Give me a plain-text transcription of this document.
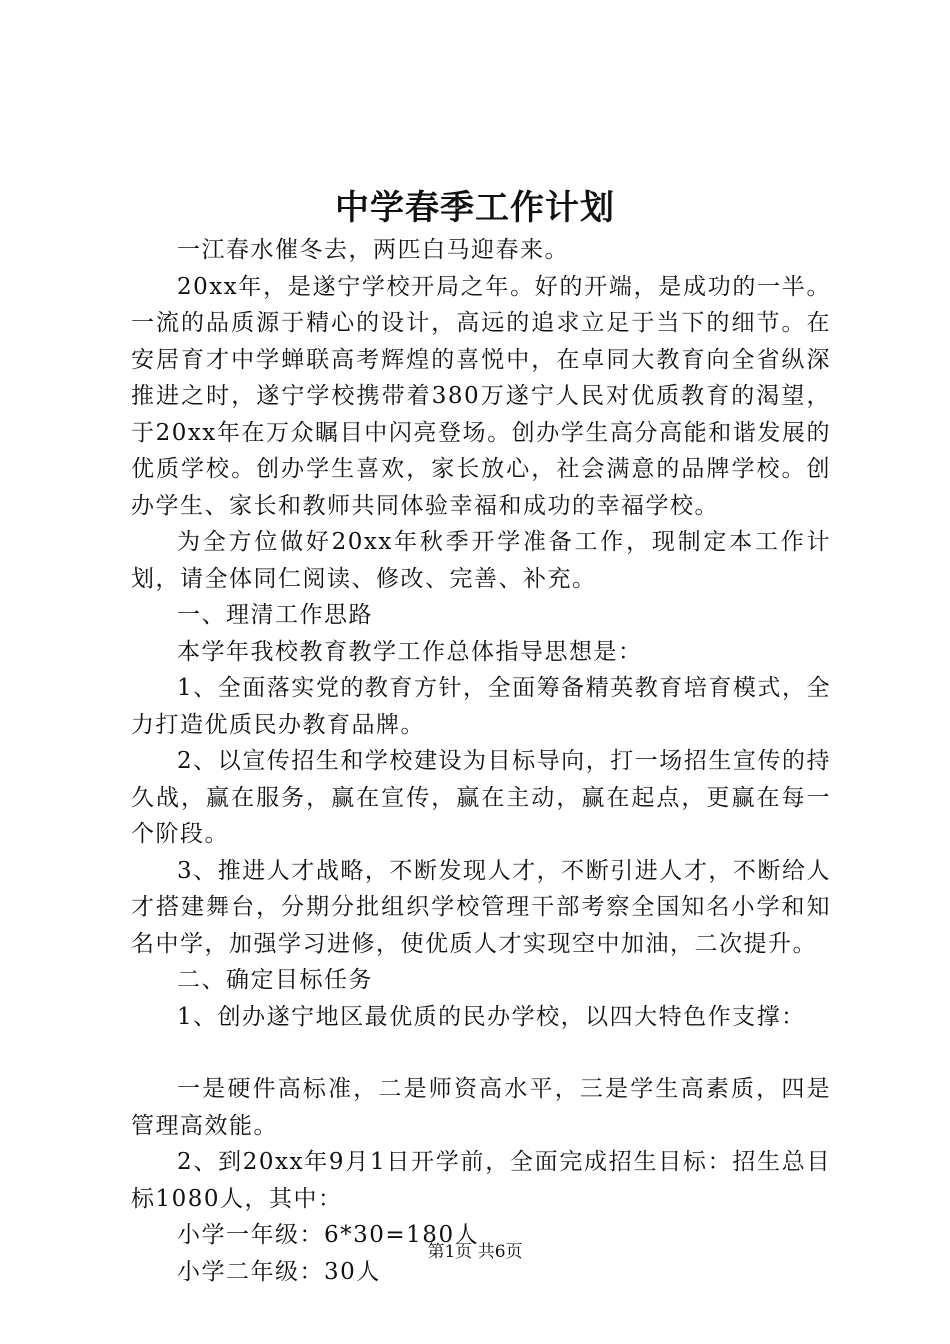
中学春季工作计划

一江春水催冬去，两匹白马迎春来。

20xx年，是遂宁学校开局之年。好的开端，是成功的一半。一流的品质源于精心的设计，高远的追求立足于当下的细节。在安居育才中学蝉联高考辉煌的喜悦中，在卓同大教育向全省纵深推进之时，遂宁学校携带着380万遂宁人民对优质教育的渴望，于20xx年在万众瞩目中闪亮登场。创办学生高分高能和谐发展的优质学校。创办学生喜欢，家长放心，社会满意的品牌学校。创办学生、家长和教师共同体验幸福和成功的幸福学校。

为全方位做好20xx年秋季开学准备工作，现制定本工作计划，请全体同仁阅读、修改、完善、补充。

一、理清工作思路

本学年我校教育教学工作总体指导思想是：

1、全面落实党的教育方针，全面筹备精英教育培育模式，全力打造优质民办教育品牌。

2、以宣传招生和学校建设为目标导向，打一场招生宣传的持久战，赢在服务，赢在宣传，赢在主动，赢在起点，更赢在每一个阶段。

3、推进人才战略，不断发现人才，不断引进人才，不断给人才搭建舞台，分期分批组织学校管理干部考察全国知名小学和知名中学，加强学习进修，使优质人才实现空中加油，二次提升。

二、确定目标任务

1、创办遂宁地区最优质的民办学校，以四大特色作支撑：

一是硬件高标准，二是师资高水平，三是学生高素质，四是管理高效能。

2、到20xx年9月1日开学前，全面完成招生目标：招生总目标1080人，其中：

小学一年级：6*30=180人

小学二年级：30人

第1页 共6页
